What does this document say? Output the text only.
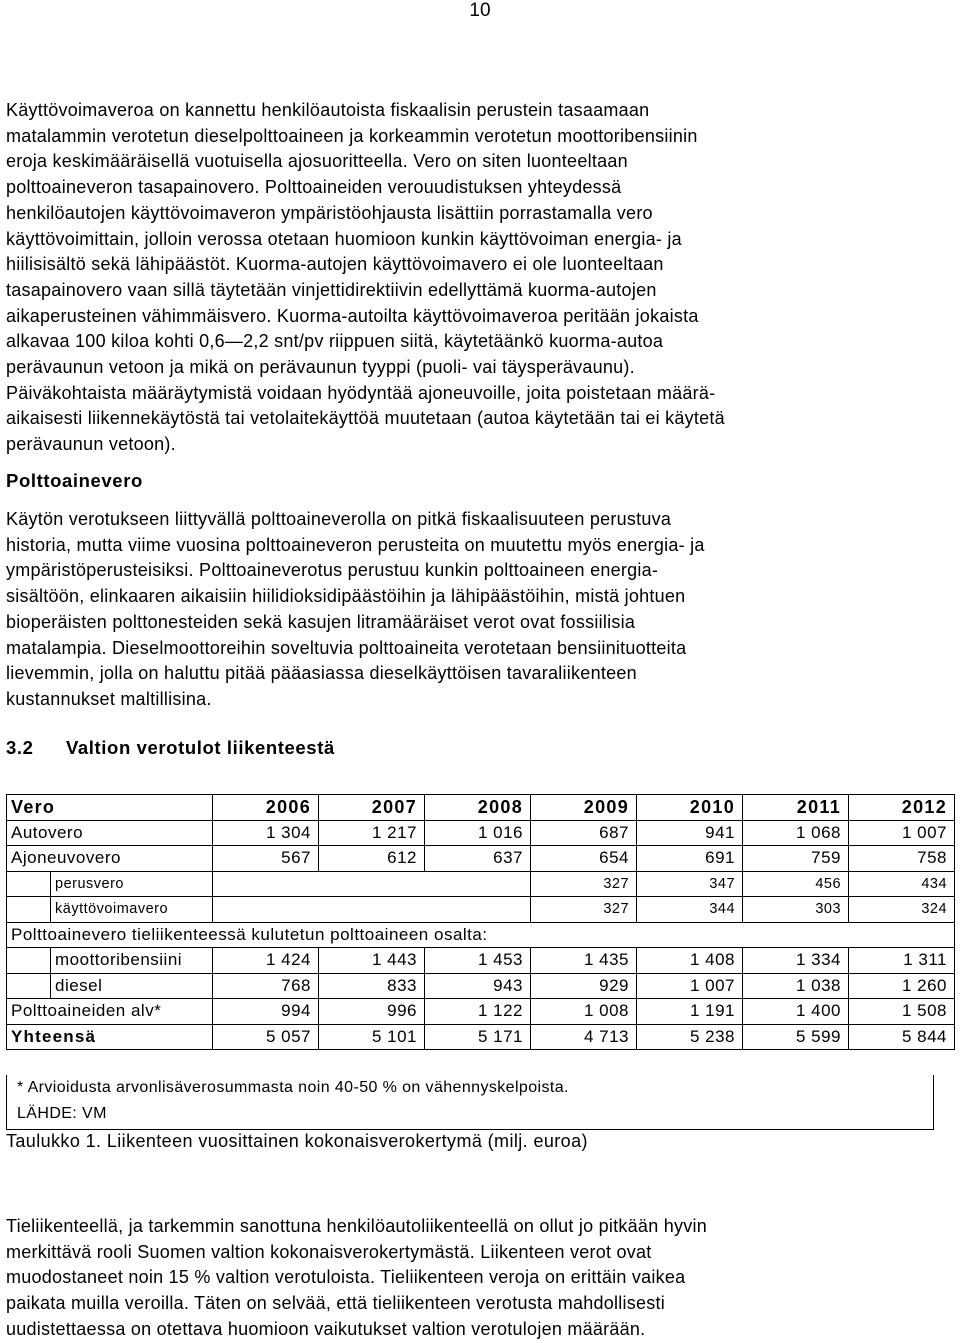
10
Käyttövoimaveroa on kannettu henkilöautoista fiskaalisin perustein tasaamaan
matalammin verotetun dieselpolttoaineen ja korkeammin verotetun moottoribensiinin
eroja keskimääräisellä vuotuisella ajosuoritteella. Vero on siten luonteeltaan
polttoaineveron tasapainovero. Polttoaineiden verouudistuksen yhteydessä
henkilöautojen käyttövoimaveron ympäristöohjausta lisättiin porrastamalla vero
käyttövoimittain, jolloin verossa otetaan huomioon kunkin käyttövoiman energia- ja
hiilisisältö sekä lähipäästöt. Kuorma-autojen käyttövoimavero ei ole luonteeltaan
tasapainovero vaan sillä täytetään vinjettidirektiivin edellyttämä kuorma-autojen
aikaperusteinen vähimmäisvero. Kuorma-autoilta käyttövoimaveroa peritään jokaista
alkavaa 100 kiloa kohti 0,6—2,2 snt/pv riippuen siitä, käytetäänkö kuorma-autoa
perävaunun vetoon ja mikä on perävaunun tyyppi (puoli- vai täysperävaunu).
Päiväkohtaista määräytymistä voidaan hyödyntää ajoneuvoille, joita poistetaan määrä-
aikaisesti liikennekäytöstä tai vetolaitekäyttöä muutetaan (autoa käytetään tai ei käytetä
perävaunun vetoon).
Polttoainevero
Käytön verotukseen liittyvällä polttoaineverolla on pitkä fiskaalisuuteen perustuva
historia, mutta viime vuosina polttoaineveron perusteita on muutettu myös energia- ja
ympäristöperusteisiksi. Polttoaineverotus perustuu kunkin polttoaineen energia-
sisältöön, elinkaaren aikaisiin hiilidioksidipäästöihin ja lähipäästöihin, mistä johtuen
bioperäisten polttonesteiden sekä kasujen litramääräiset verot ovat fossiilisia
matalampia. Dieselmoottoreihin soveltuvia polttoaineita verotetaan bensiinituotteita
lievemmin, jolla on haluttu pitää pääasiassa dieselkäyttöisen tavaraliikenteen
kustannukset maltillisina.
3.2 Valtion verotulot liikenteestä
Vero		2006	2007	2008	2009	2010	2011	2012
Autovero		1 304	1 217	1 016	687	941	1 068	1 007
Ajoneuvovero		567	612	637	654	691	759	758
	perusvero				327	347	456	434
	käyttövoimavero				327	344	303	324
Polttoainevero tieliikenteessä kulutetun polttoaineen osalta:								
	moottoribensiini	1 424	1 443	1 453	1 435	1 408	1 334	1 311
	diesel	768	833	943	929	1 007	1 038	1 260
Polttoaineiden alv*		994	996	1 122	1 008	1 191	1 400	1 508
Yhteensä		5 057	5 101	5 171	4 713	5 238	5 599	5 844
* Arvioidusta arvonlisäverosummasta noin 40-50 % on vähennyskelpoista.
LÄHDE: VM
Taulukko 1. Liikenteen vuosittainen kokonaisverokertymä (milj. euroa)
Tieliikenteellä, ja tarkemmin sanottuna henkilöautoliikenteellä on ollut jo pitkään hyvin
merkittävä rooli Suomen valtion kokonaisverokertymästä. Liikenteen verot ovat
muodostaneet noin 15 % valtion verotuloista. Tieliikenteen veroja on erittäin vaikea
paikata muilla veroilla. Täten on selvää, että tieliikenteen verotusta mahdollisesti
uudistettaessa on otettava huomioon vaikutukset valtion verotulojen määrään.
